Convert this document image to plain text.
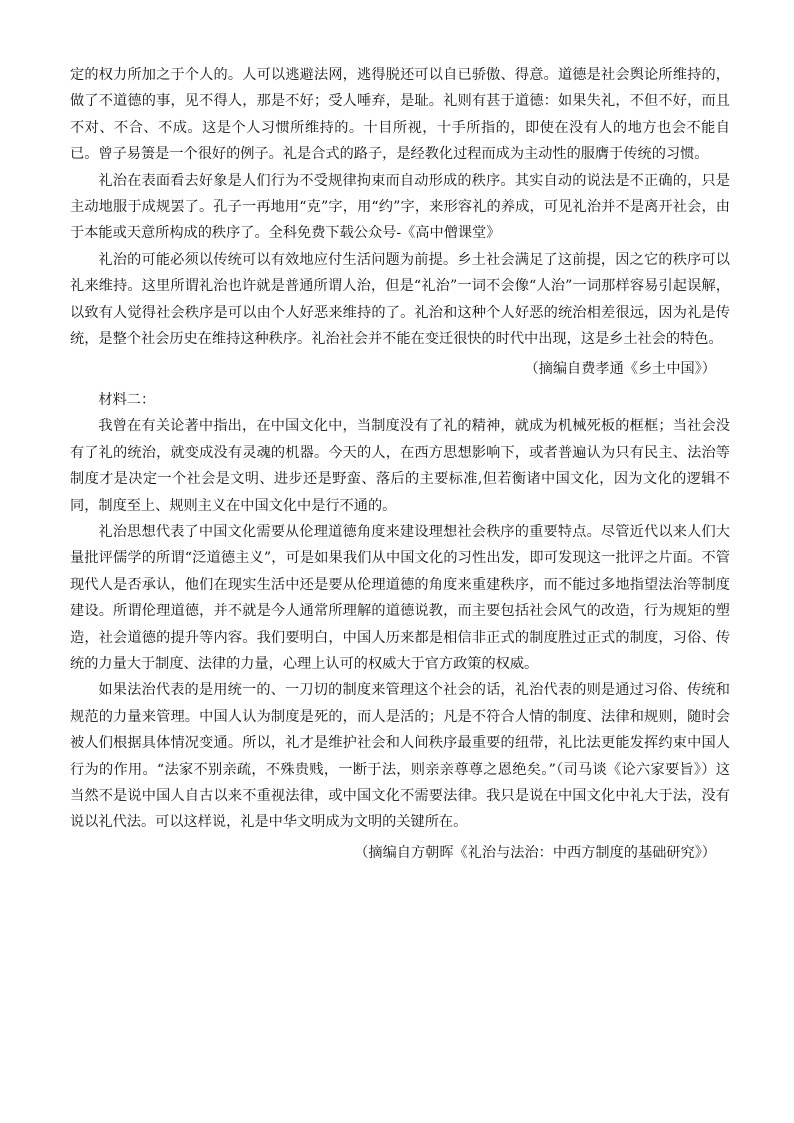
定的权力所加之于个人的。人可以逃避法网，逃得脱还可以自已骄傲、得意。道德是社会舆论所维持的，做了不道德的事，见不得人，那是不好；受人唾弃，是耻。礼则有甚于道德：如果失礼，不但不好，而且不对、不合、不成。这是个人习惯所维持的。十目所视，十手所指的，即使在没有人的地方也会不能自已。曾子易箦是一个很好的例子。礼是合式的路子，是经教化过程而成为主动性的服膺于传统的习惯。

礼治在表面看去好象是人们行为不受规律拘束而自动形成的秩序。其实自动的说法是不正确的，只是主动地服于成规罢了。孔子一再地用“克”字，用“约”字，来形容礼的养成，可见礼治并不是离开社会，由于本能或天意所构成的秩序了。全科免费下载公众号-《高中僧课堂》

礼治的可能必须以传统可以有效地应付生活问题为前提。乡土社会满足了这前提，因之它的秩序可以礼来维持。这里所谓礼治也许就是普通所谓人治，但是“礼治”一词不会像“人治”一词那样容易引起误解，以致有人觉得社会秩序是可以由个人好恶来维持的了。礼治和这种个人好恶的统治相差很远，因为礼是传统，是整个社会历史在维持这种秩序。礼治社会并不能在变迁很快的时代中出现，这是乡土社会的特色。

（摘编自费孝通《乡土中国》）

材料二：

我曾在有关论著中指出，在中国文化中，当制度没有了礼的精神，就成为机械死板的框框；当社会没有了礼的统治，就变成没有灵魂的机器。今天的人，在西方思想影响下，或者普遍认为只有民主、法治等制度才是决定一个社会是文明、进步还是野蛮、落后的主要标准,但若衡诸中国文化，因为文化的逻辑不同，制度至上、规则主义在中国文化中是行不通的。

礼治思想代表了中国文化需要从伦理道德角度来建设理想社会秩序的重要特点。尽管近代以来人们大量批评儒学的所谓“泛道德主义”，可是如果我们从中国文化的习性出发，即可发现这一批评之片面。不管现代人是否承认，他们在现实生活中还是要从伦理道德的角度来重建秩序，而不能过多地指望法治等制度建设。所谓伦理道德，并不就是今人通常所理解的道德说教，而主要包括社会风气的改造，行为规矩的塑造，社会道德的提升等内容。我们要明白，中国人历来都是相信非正式的制度胜过正式的制度，习俗、传统的力量大于制度、法律的力量，心理上认可的权威大于官方政策的权威。

如果法治代表的是用统一的、一刀切的制度来管理这个社会的话，礼治代表的则是通过习俗、传统和规范的力量来管理。中国人认为制度是死的，而人是活的；凡是不符合人情的制度、法律和规则，随时会被人们根据具体情况变通。所以，礼才是维护社会和人间秩序最重要的纽带，礼比法更能发挥约束中国人行为的作用。“法家不别亲疏，不殊贵贱，一断于法，则亲亲尊尊之恩绝矣。”（司马谈《论六家要旨》）这当然不是说中国人自古以来不重视法律，或中国文化不需要法律。我只是说在中国文化中礼大于法，没有说以礼代法。可以这样说，礼是中华文明成为文明的关键所在。

（摘编自方朝晖《礼治与法治：中西方制度的基础研究》）
